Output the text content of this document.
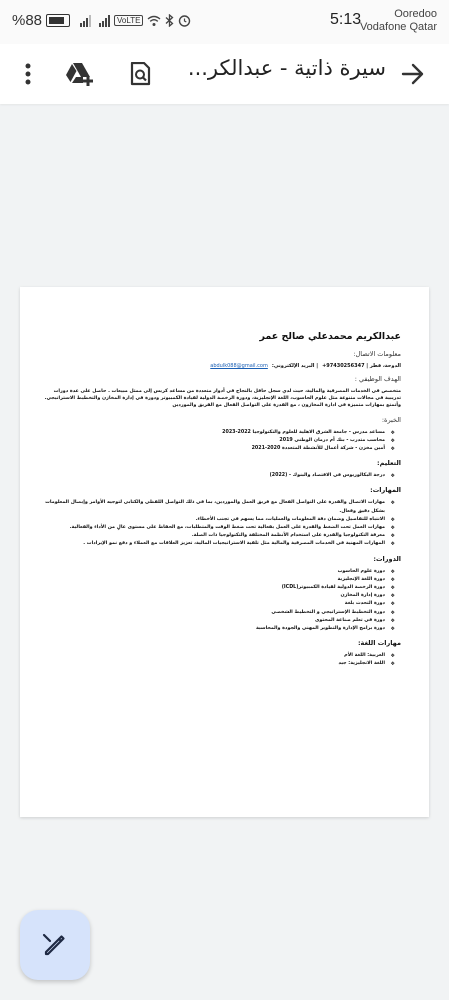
%88	VoLTE	5:13	Ooredoo
Vodafone Qatar
سيرة ذاتية - عبدالكر...
عبدالكريم محمدعلي صالح عمر
معلومات الاتصال:
الدوحة، قطر | 97430256347+
| البريد الإلكتروني:
abdulk088@gmail.com
الهدف الوظيفي :
متخصص في الخدمات المصرفية والمالية، حيث لدي سجل حافل بالنجاح في أدوار متعددة من مساعد كريس إلى ممثل مبيعات . حاصل على عدة دورات تدريبية في مجالات متنوعة مثل علوم الحاسوب، اللغة الإنجليزية، ودورة الرخصة الدولية لقيادة الكمبيوتر ودورة في إدارة المخازن والتخطيط الاستراتيجي. وأتمتع بمهارات متميزة في ادارة المخازون ، مع القدرة على التواصل الفعال مع الفريق والموردين
الخبرة:
❖ مساعد مدرس - جامعة الشرق الاهلية للعلوم والتكنولوجيا 2022-2023
❖ محاسب متدرب - بنك أم درمان الوطني 2019
❖ أمين مخزن - شركة أعمال للأنشطة المتعددة 2020-2021
التعليم:
❖ درجة البكالوريوس في الاقتصاد والبنوك - (2022)
المهارات:
❖ مهارات الاتصال والقدرة على التواصل الفعال مع فريق العمل والموردين، بما في ذلك التواصل اللفظي والكتابي لتوجيه الأوامر وإيصال المعلومات بشكل دقيق وفعال.
❖ الانتباه للتفاصيل وضمان دقة المعلومات والعمليات، مما يسهم في تجنب الأخطاء.
❖ مهارات العمل تحت الضغط والقدرة على العمل بفعالية تحت ضغط الوقت والمتطلبات، مع الحفاظ على مستوى عالٍ من الأداء والفعالية.
❖ معرفة التكنولوجيا والقدرة على استخدام الأنظمة المختلفة والتكنولوجيا ذات الصلة.
❖ المهارات المهنية في الخدمات المصرفية والمالية مثل تلقية الاستراتيجيات المالية، تعزيز العلاقات مع العملاء و دفع نمو الإيرادات .
الدورات:
❖ دورة علوم الحاسوب
❖ دورة اللغة الإنجليزية
❖ دورة الرخصة الدولية لقيادة الكمبيوتر(ICDL)
❖ دورة إدارة المخازن
❖ دورة التحدث بلغة
❖ دورة التخطيط الإستراتيجي و التخطيط الشخصي
❖ دورة في تعلم صناعة المحتوى
❖ دورة برامج الإدارة والتطوير المهني والجودة والمحاسبة
مهارات اللغة:
❖ العربية: اللغة الأم
❖ اللغة الانجليزية: جيد
